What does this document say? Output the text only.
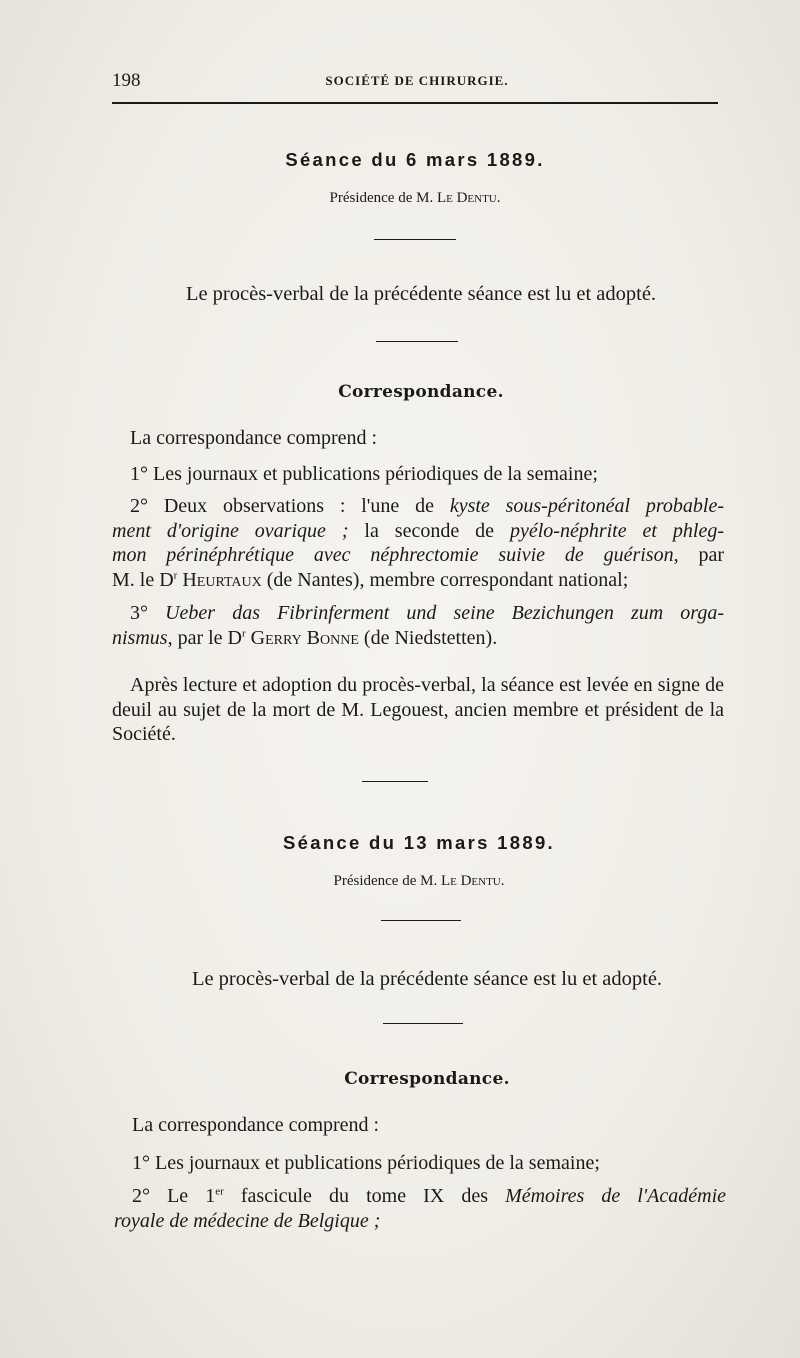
198	SOCIÉTÉ DE CHIRURGIE.
Séance du 6 mars 1889.
Présidence de M. Le Dentu.
Le procès-verbal de la précédente séance est lu et adopté.
Correspondance.
La correspondance comprend :
1° Les journaux et publications périodiques de la semaine;
2° Deux observations : l'une de kyste sous-péritonéal probable-
ment d'origine ovarique ; la seconde de pyélo-néphrite et phleg-
mon périnéphrétique avec néphrectomie suivie de guérison, par
M. le $D^r$ Heurtaux (de Nantes), membre correspondant national;
3° Ueber das Fibrinferment und seine Bezichungen zum orga-
nismus, par le $D^r$ Gerry Bonne (de Niedstetten).
Après lecture et adoption du procès-verbal, la séance est levée en signe de deuil au sujet de la mort de M. Legouest, ancien membre et président de la Société.
Séance du 13 mars 1889.
Présidence de M. Le Dentu.
Le procès-verbal de la précédente séance est lu et adopté.
Correspondance.
La correspondance comprend :
1° Les journaux et publications périodiques de la semaine;
2° Le 1er fascicule du tome IX des Mémoires de l'Académie
royale de médecine de Belgique ;
